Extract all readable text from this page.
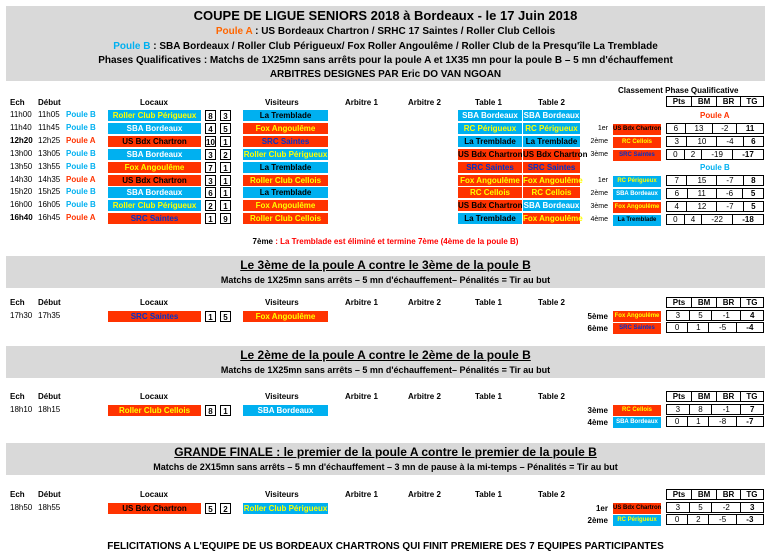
COUPE DE LIGUE SENIORS 2018 à Bordeaux - le 17 Juin 2018
Poule A : US Bordeaux Chartron / SRHC 17 Saintes / Roller Club Cellois
Poule B : SBA Bordeaux / Roller Club Périgueux/ Fox Roller Angoulême / Roller Club de la Presqu'île La Tremblade
Phases Qualificatives : Matchs de 1X25mn sans arrêts pour la poule A et 1X35 mn pour la poule B – 5 mn d'échauffement
ARBITRES DESIGNES PAR Eric DO VAN NGOAN
Ech Début	Locaux	Visiteurs	Arbitre 1	Arbitre 2	Table 1	Table 2
Classement Phase Qualificative
11h00 11h05 Poule B	Roller Club Périgueux	8	3	La Tremblade	SBA Bordeaux SBA Bordeaux
11h40 11h45 Poule B	SBA Bordeaux	4	5	Fox Angoulême	RC Périgueux	RC Périgueux
12h20 12h25 Poule A	US Bdx Chartron	10	1	SRC Saintes	La Tremblade	La Tremblade
13h00 13h05 Poule B	SBA Bordeaux	3	2	Roller Club Périgueux	US Bdx Chartron US Bdx Chartron
13h50 13h55 Poule B	Fox Angoulême	7	1	La Tremblade	SRC Saintes	SRC Saintes
14h30 14h35 Poule A	US Bdx Chartron	3	1	Roller Club Cellois	Fox Angoulême Fox Angoulême
15h20 15h25 Poule B	SBA Bordeaux	6	1	La Tremblade	RC Cellois	RC Cellois
16h00 16h05 Poule B	Roller Club Périgueux	2	1	Fox Angoulême	US Bdx Chartron SBA Bordeaux
16h40 16h45 Poule A	SRC Saintes	1	9	Roller Club Cellois	La Tremblade Fox Angoulême
Pts	BM	BR	TG
Poule A
1er US Bdx Chartron 6	13	-2	11
2ème	RC Cellois	3	10	-4	6
3ème	SRC Saintes	0	2	-19	-17
Poule B
1er	RC Périgueux	7	15	-7	8
2ème	SBA Bordeaux	6	11	-6	5
3ème Fox Angoulême 4	12	-7	5
4ème	La Tremblade	0	4	-22	-18
7ème : La Tremblade est éliminé et termine 7ème (4ème de la poule B)
Le 3ème de la poule A contre le 3ème de la poule B
Matchs de 1X25mn sans arrêts – 5 mn d'échauffement– Pénalités = Tir au but
Ech Début	Locaux	Visiteurs	Arbitre 1	Arbitre 2	Table 1	Table 2
17h30 17h35	SRC Saintes	1	5	Fox Angoulême
Pts	BM	BR	TG
5ème Fox Angoulême 3	5	-1	4
6ème	SRC Saintes	0	1	-5	-4
Le 2ème de la poule A contre le 2ème de la poule B
Matchs de 1X25mn sans arrêts – 5 mn d'échauffement– Pénalités = Tir au but
Ech Début	Locaux	Visiteurs	Arbitre 1	Arbitre 2	Table 1	Table 2
18h10 18h15	Roller Club Cellois	8	1	SBA Bordeaux
Pts	BM	BR	TG
3ème	RC Cellois	3	8	-1	7
4ème	SBA Bordeaux	0	1	-8	-7
GRANDE FINALE : le premier de la poule A contre le premier de la poule B
Matchs de 2X15mn sans arrêts – 5 mn d'échauffement – 3 mn de pause à la mi-temps – Pénalités = Tir au but
Ech Début	Locaux	Visiteurs	Arbitre 1	Arbitre 2	Table 1	Table 2
18h50 18h55	US Bdx Chartron	5	2	Roller Club Périgueux
Pts	BM	BR	TG
1er US Bdx Chartron 3	5	-2	3
2ème	RC Périgueux	0	2	-5	-3
FELICITATIONS A L'EQUIPE DE US BORDEAUX CHARTRONS QUI FINIT PREMIERE DES 7 EQUIPES PARTICIPANTES
